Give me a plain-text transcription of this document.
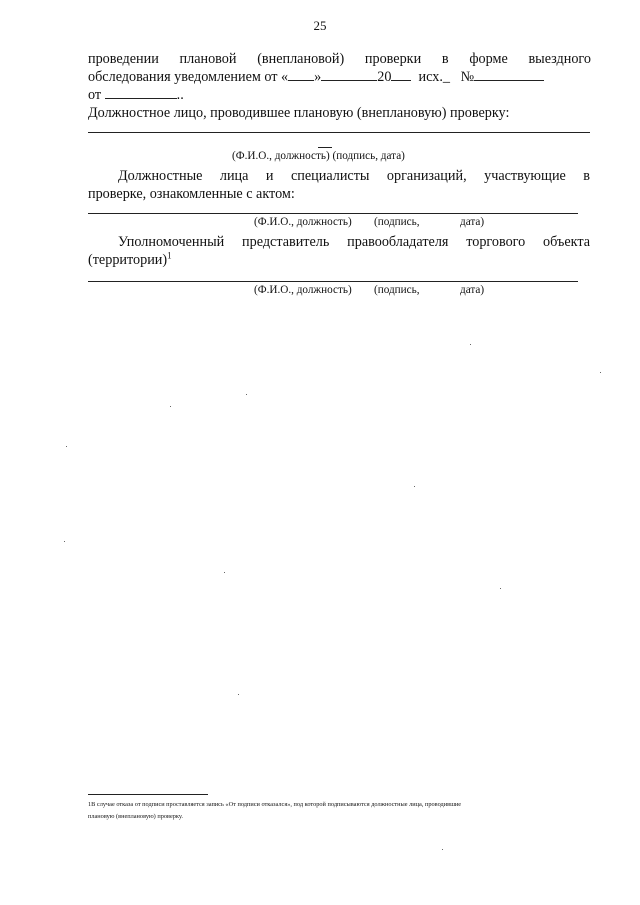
25

проведении плановой (внеплановой) проверки в форме выездного

обследования уведомлением от « »	20 исх._ №

от	..

Должностное лицо, проводившее плановую (внеплановую) проверку:

(Ф.И.О., должность) (подпись, дата)

Должностные лица и специалисты организаций, участвующие в

проверке, ознакомленные с актом:

(Ф.И.О., должность) (подпись,	дата)

Уполномоченный представитель правообладателя торгового объекта

(территории)$^1$

(Ф.И.О., должность) (подпись,	дата)

1В случае отказа от подписи проставляется запись «От подписи отказался», под которой подписываются должностные лица, проводившие

плановую (внеплановую) проверку.
